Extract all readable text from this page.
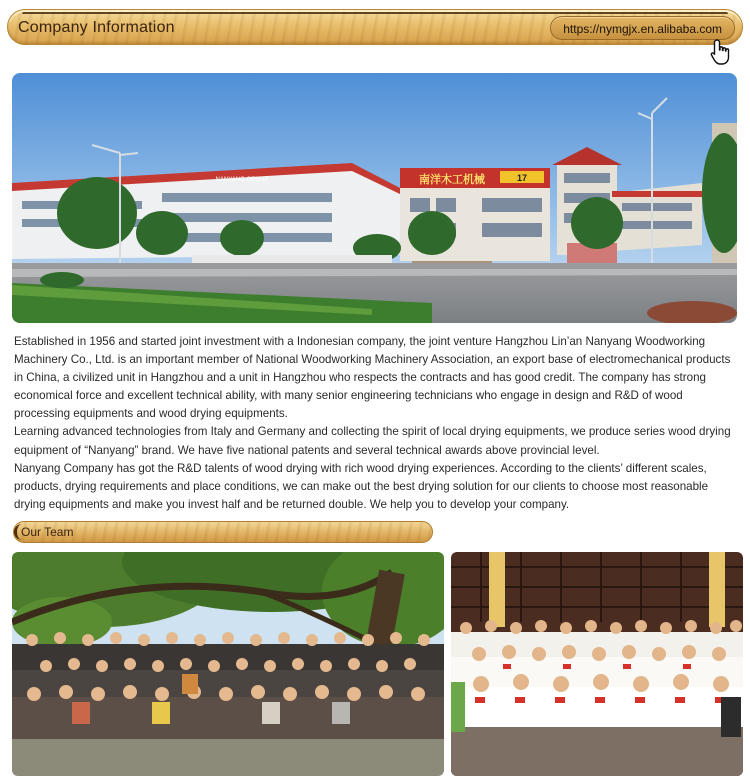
Company Information	https://nymgjx.en.alibaba.com
NANYANG GROUP	南洋木工机械	17

Established in 1956 and started joint investment with a Indonesian company, the joint venture Hangzhou Lin’an Nanyang Woodworking Machinery Co., Ltd. is an important member of National Woodworking Machinery Association, an export base of electromechanical products in China, a civilized unit in Hangzhou and a unit in Hangzhou who respects the contracts and has good credit. The company has strong economical force and excellent technical ability, with many senior engineering technicians who engage in design and R&D of wood processing equipments and wood drying equipments.

Learning advanced technologies from Italy and Germany and collecting the spirit of local drying equipments, we produce series wood drying equipment of “Nanyang” brand. We have five national patents and several technical awards above provincial level.

Nanyang Company has got the R&D talents of wood drying with rich wood drying experiences. According to the clients’ different scales, products, drying requirements and place conditions, we can make out the best drying solution for our clients to choose most reasonable drying equipments and make you invest half and be returned double. We help you to develop your company.

Our Team
